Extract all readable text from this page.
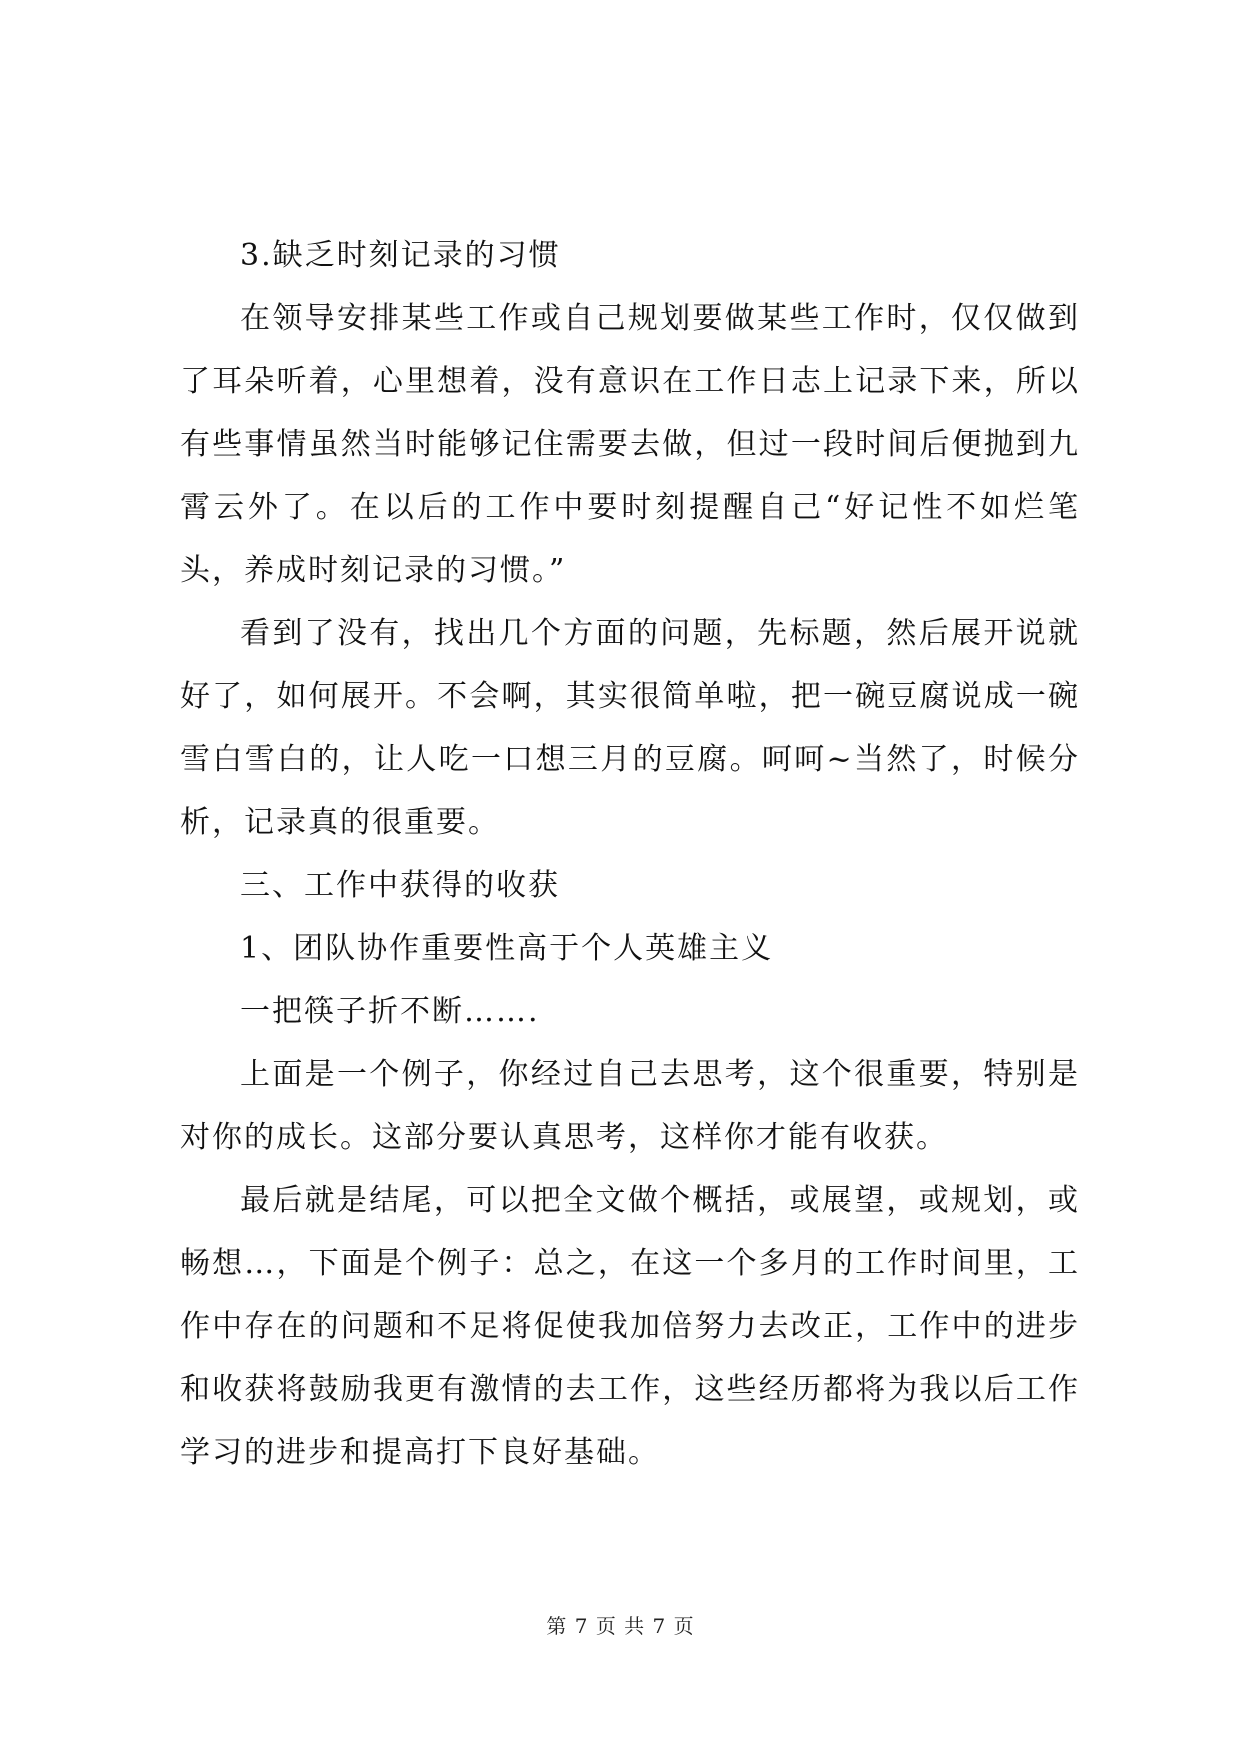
3.缺乏时刻记录的习惯

在领导安排某些工作或自己规划要做某些工作时，仅仅做到了耳朵听着，心里想着，没有意识在工作日志上记录下来，所以有些事情虽然当时能够记住需要去做，但过一段时间后便抛到九霄云外了。在以后的工作中要时刻提醒自己“好记性不如烂笔头，养成时刻记录的习惯。”

看到了没有，找出几个方面的问题，先标题，然后展开说就好了，如何展开。不会啊，其实很简单啦，把一碗豆腐说成一碗雪白雪白的，让人吃一口想三月的豆腐。呵呵~当然了，时候分析，记录真的很重要。

三、工作中获得的收获

1、团队协作重要性高于个人英雄主义

一把筷子折不断…….

上面是一个例子，你经过自己去思考，这个很重要，特别是对你的成长。这部分要认真思考，这样你才能有收获。

最后就是结尾，可以把全文做个概括，或展望，或规划，或畅想…，下面是个例子：总之，在这一个多月的工作时间里，工作中存在的问题和不足将促使我加倍努力去改正，工作中的进步和收获将鼓励我更有激情的去工作，这些经历都将为我以后工作学习的进步和提高打下良好基础。

第 7 页 共 7 页
